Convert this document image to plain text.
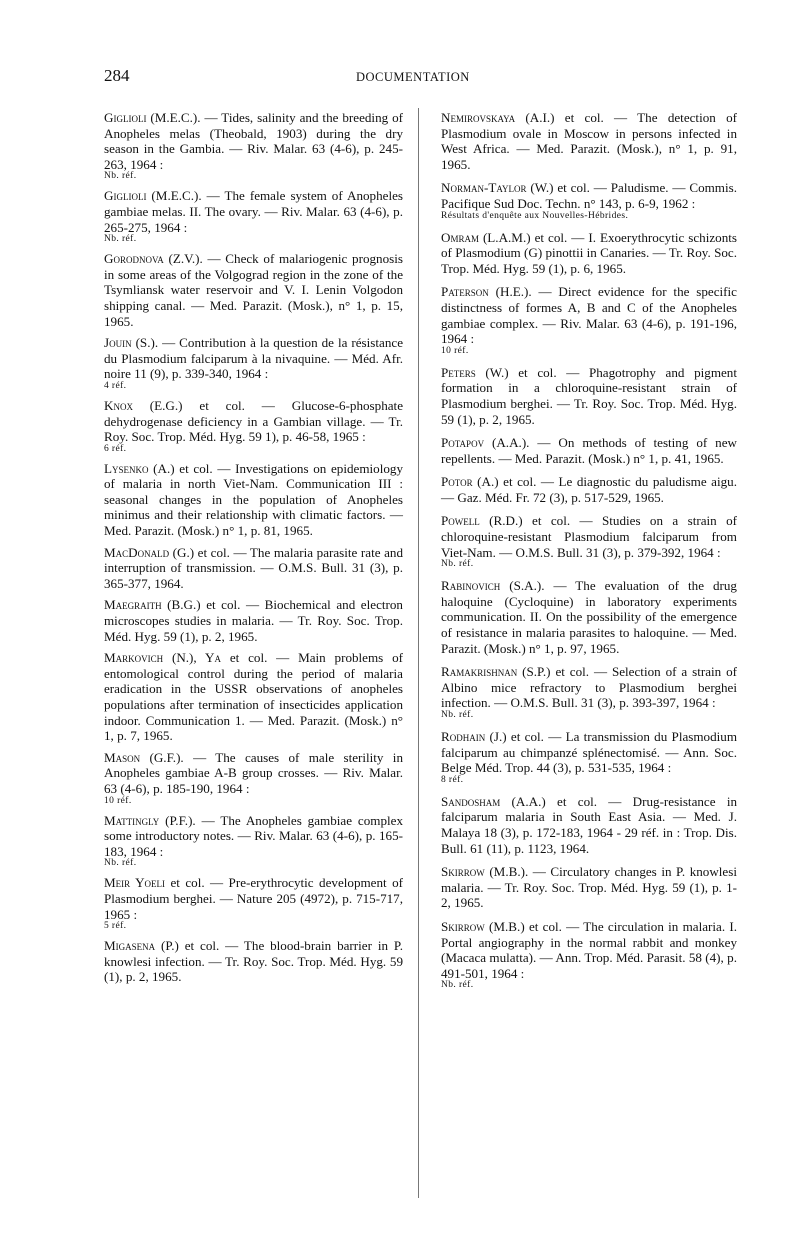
284	DOCUMENTATION
Giglioli (M.E.C.). — Tides, salinity and the breeding of Anopheles melas (Theobald, 1903) during the dry season in the Gambia. — Riv. Malar. 63 (4-6), p. 245-263, 1964 :
Nb. réf.
Giglioli (M.E.C.). — The female system of Anopheles gambiae melas. II. The ovary. — Riv. Malar. 63 (4-6), p. 265-275, 1964 :
Nb. réf.
Gorodnova (Z.V.). — Check of malariogenic prognosis in some areas of the Volgograd region in the zone of the Tsymliansk water reservoir and V. I. Lenin Volgodon shipping canal. — Med. Parazit. (Mosk.), n° 1, p. 15, 1965.
Jouin (S.). — Contribution à la question de la résistance du Plasmodium falciparum à la nivaquine. — Méd. Afr. noire 11 (9), p. 339-340, 1964 :
4 réf.
Knox (E.G.) et col. — Glucose-6-phosphate dehydrogenase deficiency in a Gambian village. — Tr. Roy. Soc. Trop. Méd. Hyg. 59 1), p. 46-58, 1965 :
6 réf.
Lysenko (A.) et col. — Investigations on epidemiology of malaria in north Viet-Nam. Communication III : seasonal changes in the population of Anopheles minimus and their relationship with climatic factors. — Med. Parazit. (Mosk.) n° 1, p. 81, 1965.
MacDonald (G.) et col. — The malaria parasite rate and interruption of transmission. — O.M.S. Bull. 31 (3), p. 365-377, 1964.
Maegraith (B.G.) et col. — Biochemical and electron microscopes studies in malaria. — Tr. Roy. Soc. Trop. Méd. Hyg. 59 (1), p. 2, 1965.
Markovich (N.), Ya et col. — Main problems of entomological control during the period of malaria eradication in the USSR observations of anopheles populations after termination of insecticides application indoor. Communication 1. — Med. Parazit. (Mosk.) n° 1, p. 7, 1965.
Mason (G.F.). — The causes of male sterility in Anopheles gambiae A-B group crosses. — Riv. Malar. 63 (4-6), p. 185-190, 1964 :
10 réf.
Mattingly (P.F.). — The Anopheles gambiae complex some introductory notes. — Riv. Malar. 63 (4-6), p. 165-183, 1964 :
Nb. réf.
Meir Yoeli et col. — Pre-erythrocytic development of Plasmodium berghei. — Nature 205 (4972), p. 715-717, 1965 :
5 réf.
Migasena (P.) et col. — The blood-brain barrier in P. knowlesi infection. — Tr. Roy. Soc. Trop. Méd. Hyg. 59 (1), p. 2, 1965.
Nemirovskaya (A.I.) et col. — The detection of Plasmodium ovale in Moscow in persons infected in West Africa. — Med. Parazit. (Mosk.), n° 1, p. 91, 1965.
Norman-Taylor (W.) et col. — Paludisme. — Commis. Pacifique Sud Doc. Techn. n° 143, p. 6-9, 1962 :
Résultats d'enquête aux Nouvelles-Hébrides.
Omram (L.A.M.) et col. — I. Exoerythrocytic schizonts of Plasmodium (G) pinottii in Canaries. — Tr. Roy. Soc. Trop. Méd. Hyg. 59 (1), p. 6, 1965.
Paterson (H.E.). — Direct evidence for the specific distinctness of formes A, B and C of the Anopheles gambiae complex. — Riv. Malar. 63 (4-6), p. 191-196, 1964 :
10 réf.
Peters (W.) et col. — Phagotrophy and pigment formation in a chloroquine-resistant strain of Plasmodium berghei. — Tr. Roy. Soc. Trop. Méd. Hyg. 59 (1), p. 2, 1965.
Potapov (A.A.). — On methods of testing of new repellents. — Med. Parazit. (Mosk.) n° 1, p. 41, 1965.
Potor (A.) et col. — Le diagnostic du paludisme aigu. — Gaz. Méd. Fr. 72 (3), p. 517-529, 1965.
Powell (R.D.) et col. — Studies on a strain of chloroquine-resistant Plasmodium falciparum from Viet-Nam. — O.M.S. Bull. 31 (3), p. 379-392, 1964 :
Nb. réf.
Rabinovich (S.A.). — The evaluation of the drug haloquine (Cycloquine) in laboratory experiments communication. II. On the possibility of the emergence of resistance in malaria parasites to haloquine. — Med. Parazit. (Mosk.) n° 1, p. 97, 1965.
Ramakrishnan (S.P.) et col. — Selection of a strain of Albino mice refractory to Plasmodium berghei infection. — O.M.S. Bull. 31 (3), p. 393-397, 1964 :
Nb. réf.
Rodhain (J.) et col. — La transmission du Plasmodium falciparum au chimpanzé splénectomisé. — Ann. Soc. Belge Méd. Trop. 44 (3), p. 531-535, 1964 :
8 réf.
Sandosham (A.A.) et col. — Drug-resistance in falciparum malaria in South East Asia. — Med. J. Malaya 18 (3), p. 172-183, 1964 - 29 réf. in : Trop. Dis. Bull. 61 (11), p. 1123, 1964.
Skirrow (M.B.). — Circulatory changes in P. knowlesi malaria. — Tr. Roy. Soc. Trop. Méd. Hyg. 59 (1), p. 1-2, 1965.
Skirrow (M.B.) et col. — The circulation in malaria. I. Portal angiography in the normal rabbit and monkey (Macaca mulatta). — Ann. Trop. Méd. Parasit. 58 (4), p. 491-501, 1964 :
Nb. réf.
